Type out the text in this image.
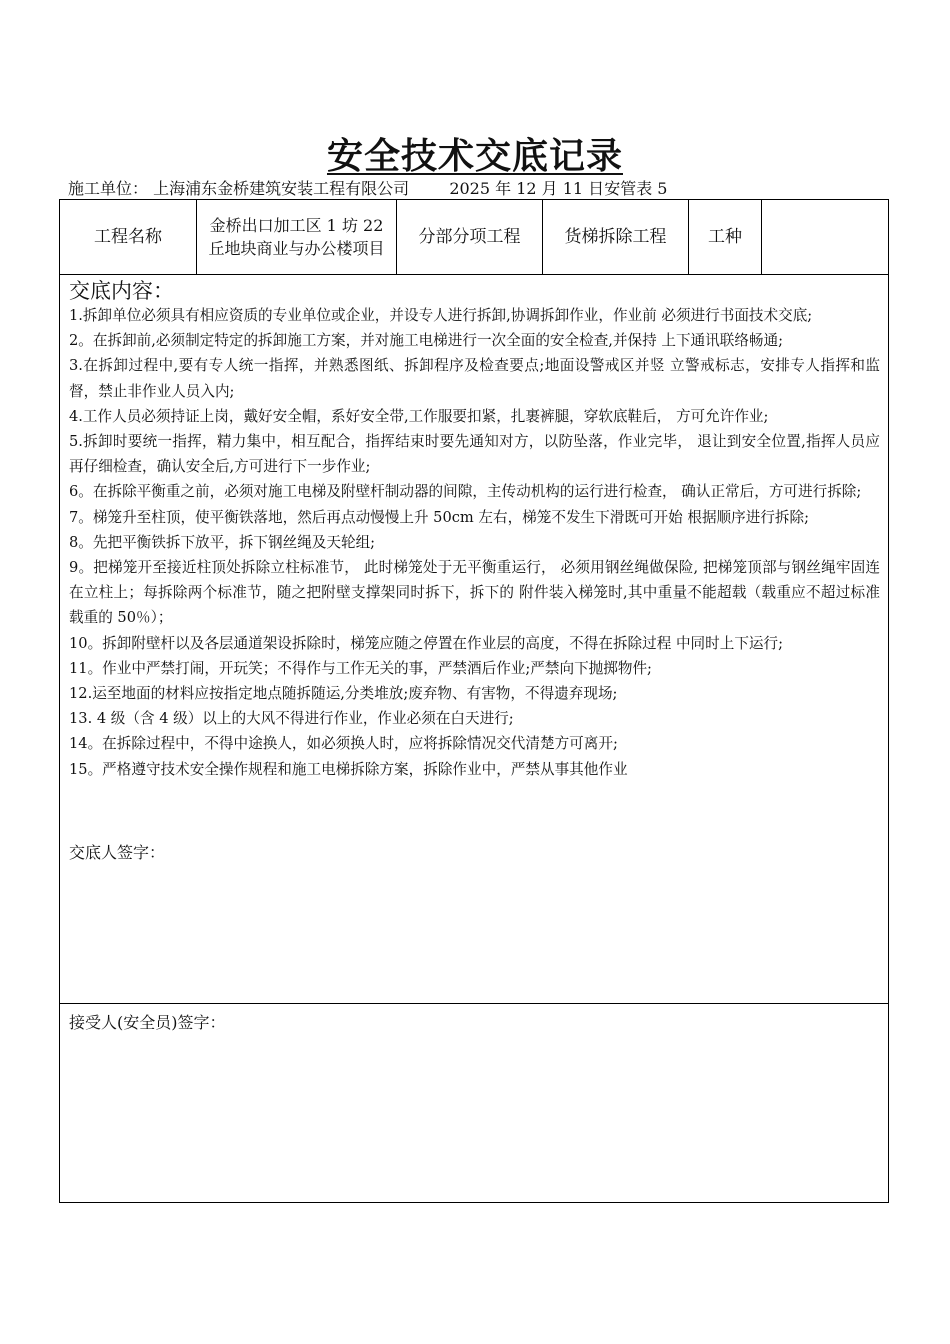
安全技术交底记录
施工单位： 上海浦东金桥建筑安装工程有限公司	2025 年 12 月 11 日安管表 5
工程名称	金桥出口加工区 1 坊 22 丘地块商业与办公楼项目	分部分项工程	货梯拆除工程	工种	

交底内容：
1.拆卸单位必须具有相应资质的专业单位或企业，并设专人进行拆卸,协调拆卸作业，作业前 必须进行书面技术交底;
2。在拆卸前,必须制定特定的拆卸施工方案，并对施工电梯进行一次全面的安全检查,并保持 上下通讯联络畅通;
3.在拆卸过程中,要有专人统一指挥，并熟悉图纸、拆卸程序及检查要点;地面设警戒区并竖 立警戒标志，安排专人指挥和监督，禁止非作业人员入内;
4.工作人员必须持证上岗，戴好安全帽，系好安全带,工作服要扣紧，扎裹裤腿，穿软底鞋后， 方可允许作业;
5.拆卸时要统一指挥，精力集中，相互配合，指挥结束时要先通知对方，以防坠落，作业完毕， 退让到安全位置,指挥人员应再仔细检查，确认安全后,方可进行下一步作业;
6。在拆除平衡重之前，必须对施工电梯及附壁杆制动器的间隙，主传动机构的运行进行检查， 确认正常后，方可进行拆除;
7。梯笼升至柱顶，使平衡铁落地，然后再点动慢慢上升 50cm 左右，梯笼不发生下滑既可开始 根据顺序进行拆除;
8。先把平衡铁拆下放平，拆下钢丝绳及天轮组;
9。把梯笼开至接近柱顶处拆除立柱标准节， 此时梯笼处于无平衡重运行， 必须用钢丝绳做保险, 把梯笼顶部与钢丝绳牢固连在立柱上；每拆除两个标准节，随之把附壁支撑架同时拆下，拆下的 附件装入梯笼时,其中重量不能超载（载重应不超过标准载重的 50％）；
10。拆卸附壁杆以及各层通道架设拆除时，梯笼应随之停置在作业层的高度，不得在拆除过程 中同时上下运行;
11。作业中严禁打闹，开玩笑；不得作与工作无关的事，严禁酒后作业;严禁向下抛掷物件;
12.运至地面的材料应按指定地点随拆随运,分类堆放;废弃物、有害物，不得遗弃现场;
13. 4 级（含 4 级）以上的大风不得进行作业，作业必须在白天进行;
14。在拆除过程中，不得中途换人，如必须换人时，应将拆除情况交代清楚方可离开;
15。严格遵守技术安全操作规程和施工电梯拆除方案，拆除作业中，严禁从事其他作业
交底人签字：

接受人(安全员)签字：
